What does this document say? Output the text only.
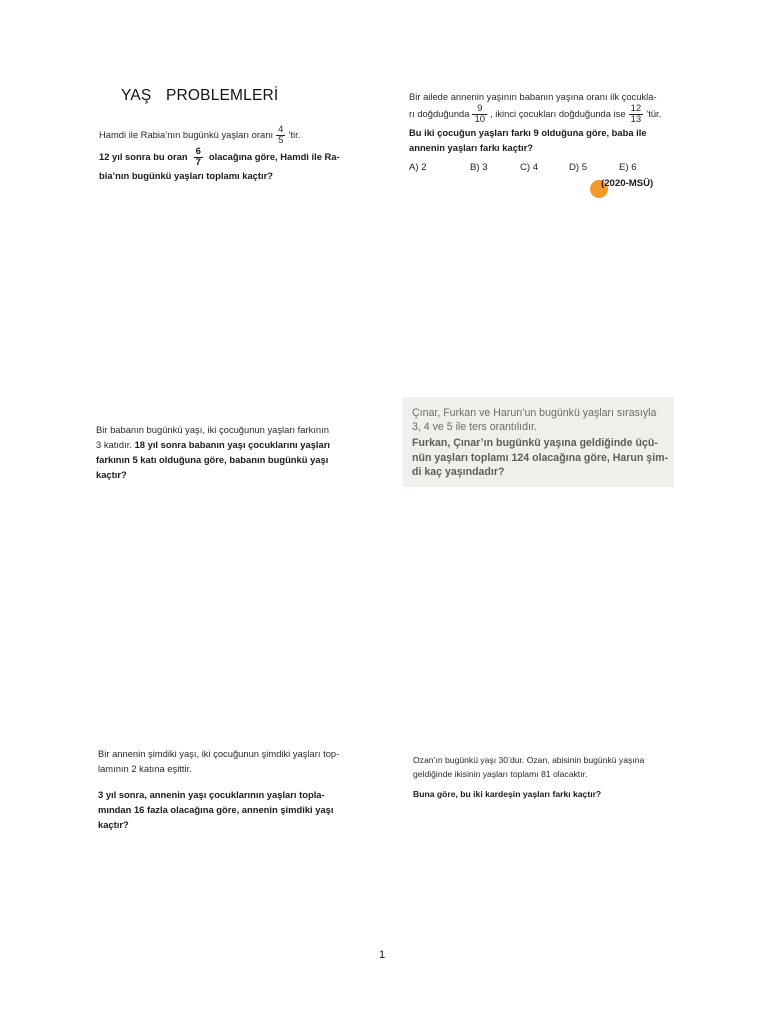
YAŞ PROBLEMLERİ
Hamdi ile Rabia’nın bugünkü yaşları oranı $\frac{4}{5}$ ’tir.
12 yıl sonra bu oran $\frac{6}{7}$ olacağına göre, Hamdi ile Ra-
bia’nın bugünkü yaşları toplamı kaçtır?
Bir ailede annenin yaşının babanın yaşına oranı ilk çocukla-
rı doğduğunda $\frac{9}{10}$ , ikinci çocukları doğduğunda ise $\frac{12}{13}$ ’tür.
Bu iki çocuğun yaşları farkı 9 olduğuna göre, baba ile
annenin yaşları farkı kaçtır?
A) 2	B) 3	C) 4	D) 5	E) 6
(2020-MSÜ)
Bir babanın bugünkü yaşı, iki çocuğunun yaşları farkının
3 katıdır. 18 yıl sonra babanın yaşı çocuklarını yaşları
farkının 5 katı olduğuna göre, babanın bugünkü yaşı
kaçtır?
Çınar, Furkan ve Harun’un bugünkü yaşları sırasıyla
3, 4 ve 5 ile ters orantılıdır.
Furkan, Çınar’ın bugünkü yaşına geldiğinde üçü-
nün yaşları toplamı 124 olacağına göre, Harun şim-
di kaç yaşındadır?
Bir annenin şimdiki yaşı, iki çocuğunun şimdiki yaşları top-
lamının 2 katına eşittir.
3 yıl sonra, annenin yaşı çocuklarının yaşları topla-
mından 16 fazla olacağına göre, annenin şimdiki yaşı
kaçtır?
Ozan’ın bugünkü yaşı 30’dur. Ozan, abisinin bugünkü yaşına
geldiğinde ikisinin yaşları toplamı 81 olacaktır.
Buna göre, bu iki kardeşin yaşları farkı kaçtır?
1
